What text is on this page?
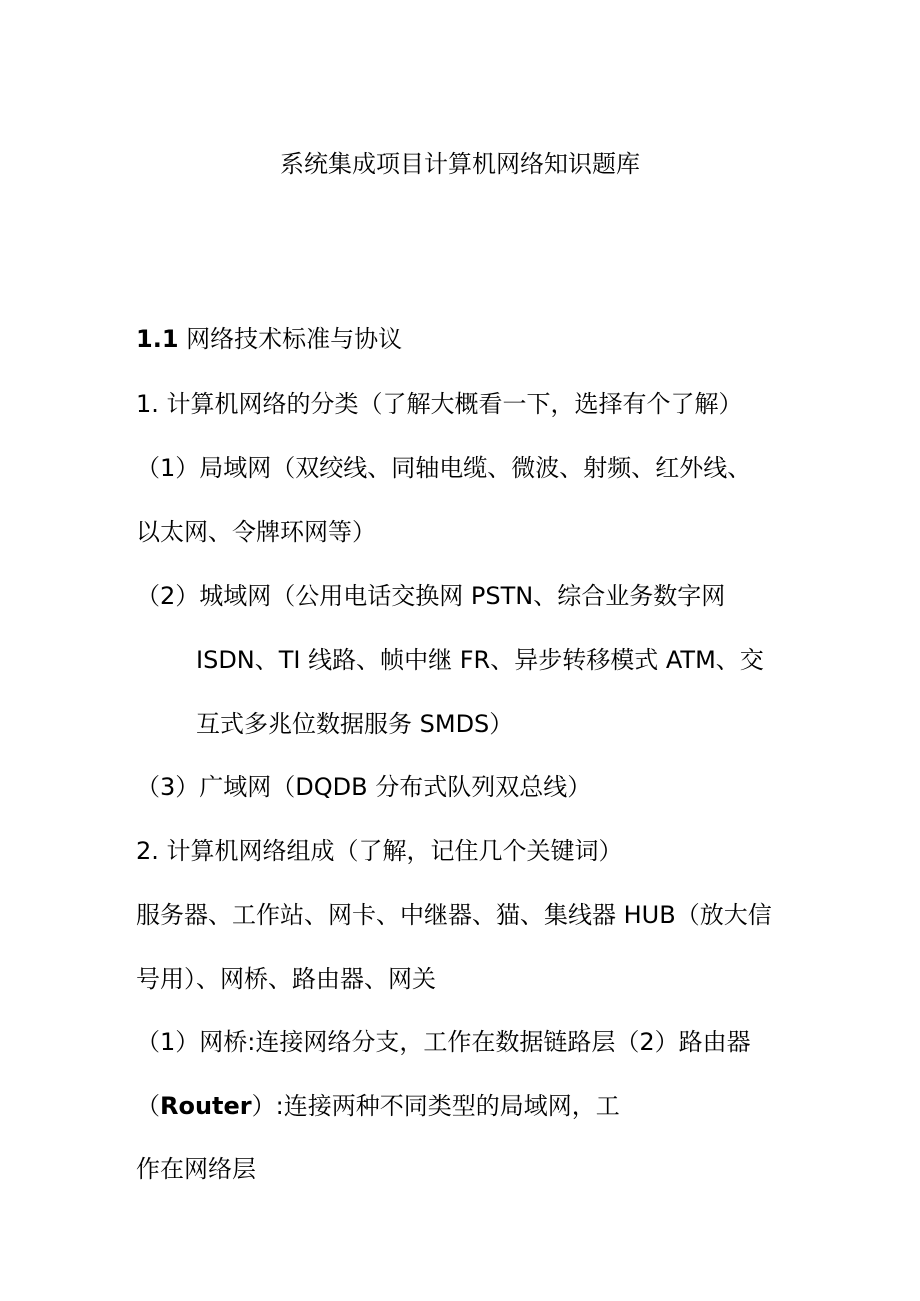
系统集成项目计算机网络知识题库
1.1 网络技术标准与协议
1. 计算机网络的分类（了解大概看一下，选择有个了解）
（1）局域网（双绞线、同轴电缆、微波、射频、红外线、
以太网、令牌环网等）
（2）城域网（公用电话交换网 PSTN、综合业务数字网
ISDN、TI 线路、帧中继 FR、异步转移模式 ATM、交
互式多兆位数据服务 SMDS）
（3）广域网（DQDB 分布式队列双总线）
2. 计算机网络组成（了解，记住几个关键词）
服务器、工作站、网卡、中继器、猫、集线器 HUB（放大信
号用）、网桥、路由器、网关
（1）网桥:连接网络分支，工作在数据链路层（2）路由器
（Router）:连接两种不同类型的局域网，工
作在网络层
